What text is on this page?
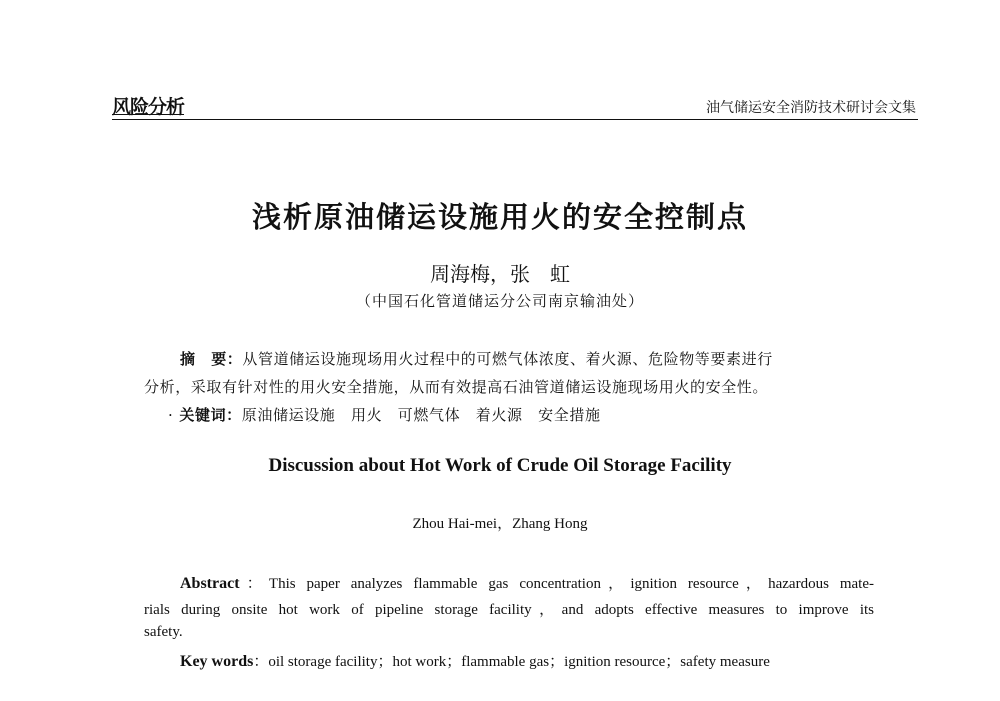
风险分析	油气储运安全消防技术研讨会文集
浅析原油储运设施用火的安全控制点
周海梅，张　虹
（中国石化管道储运分公司南京输油处）
摘　要：从管道储运设施现场用火过程中的可燃气体浓度、着火源、危险物等要素进行
分析，采取有针对性的用火安全措施，从而有效提高石油管道储运设施现场用火的安全性。
· 关键词：原油储运设施　用火　可燃气体　着火源　安全措施
Discussion about Hot Work of Crude Oil Storage Facility
Zhou Hai-mei，Zhang Hong
Abstract：This paper analyzes flammable gas concentration，ignition resource，hazardous mate-
rials during onsite hot work of pipeline storage facility，and adopts effective measures to improve its
safety.
Key words：oil storage facility；hot work；flammable gas；ignition resource；safety measure
